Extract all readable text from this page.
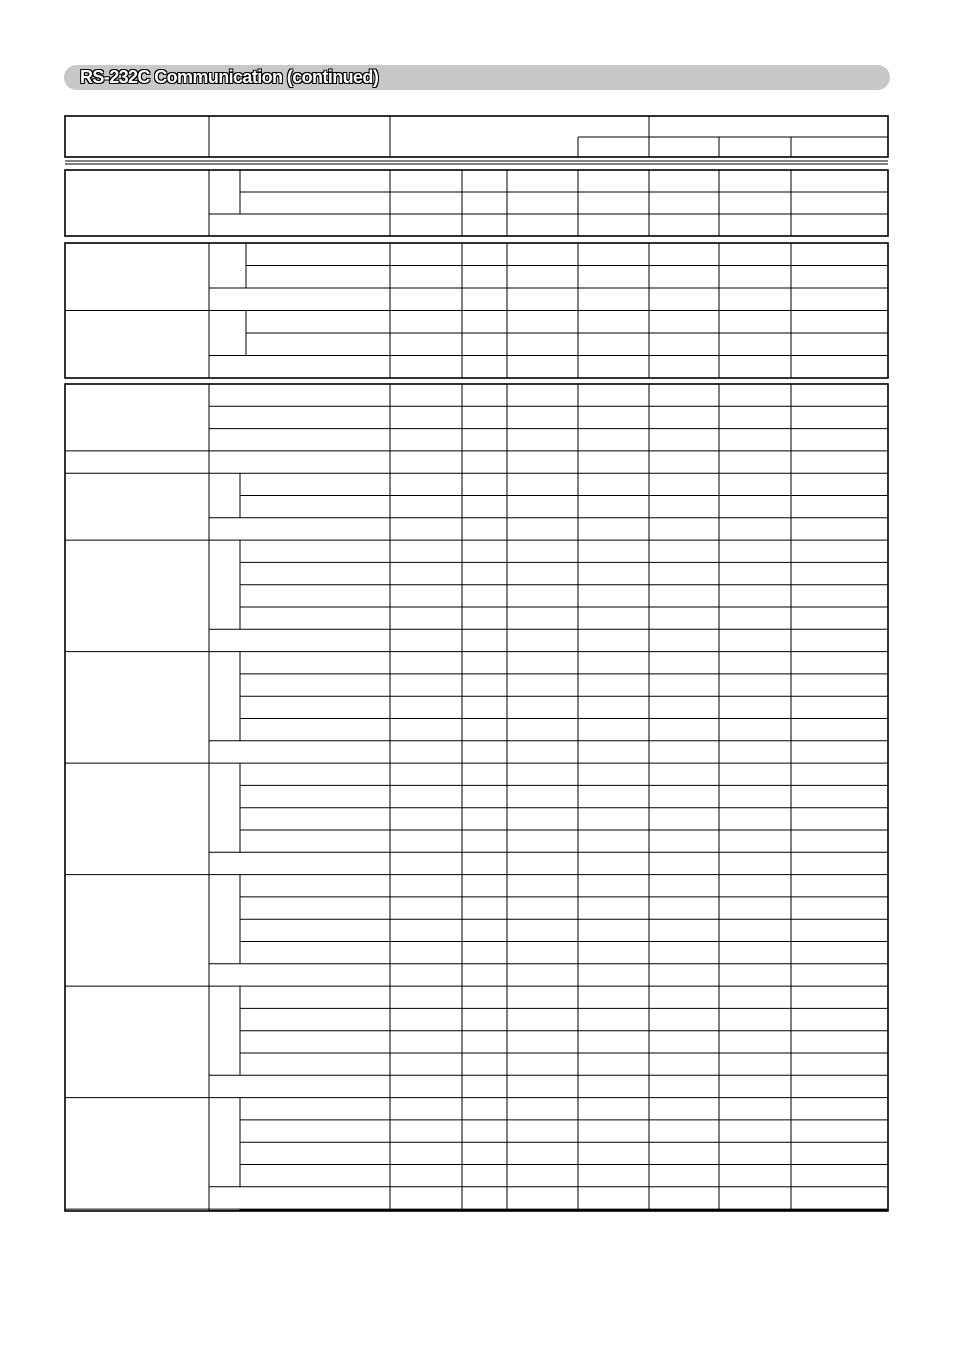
RS-232C Communication (continued)
